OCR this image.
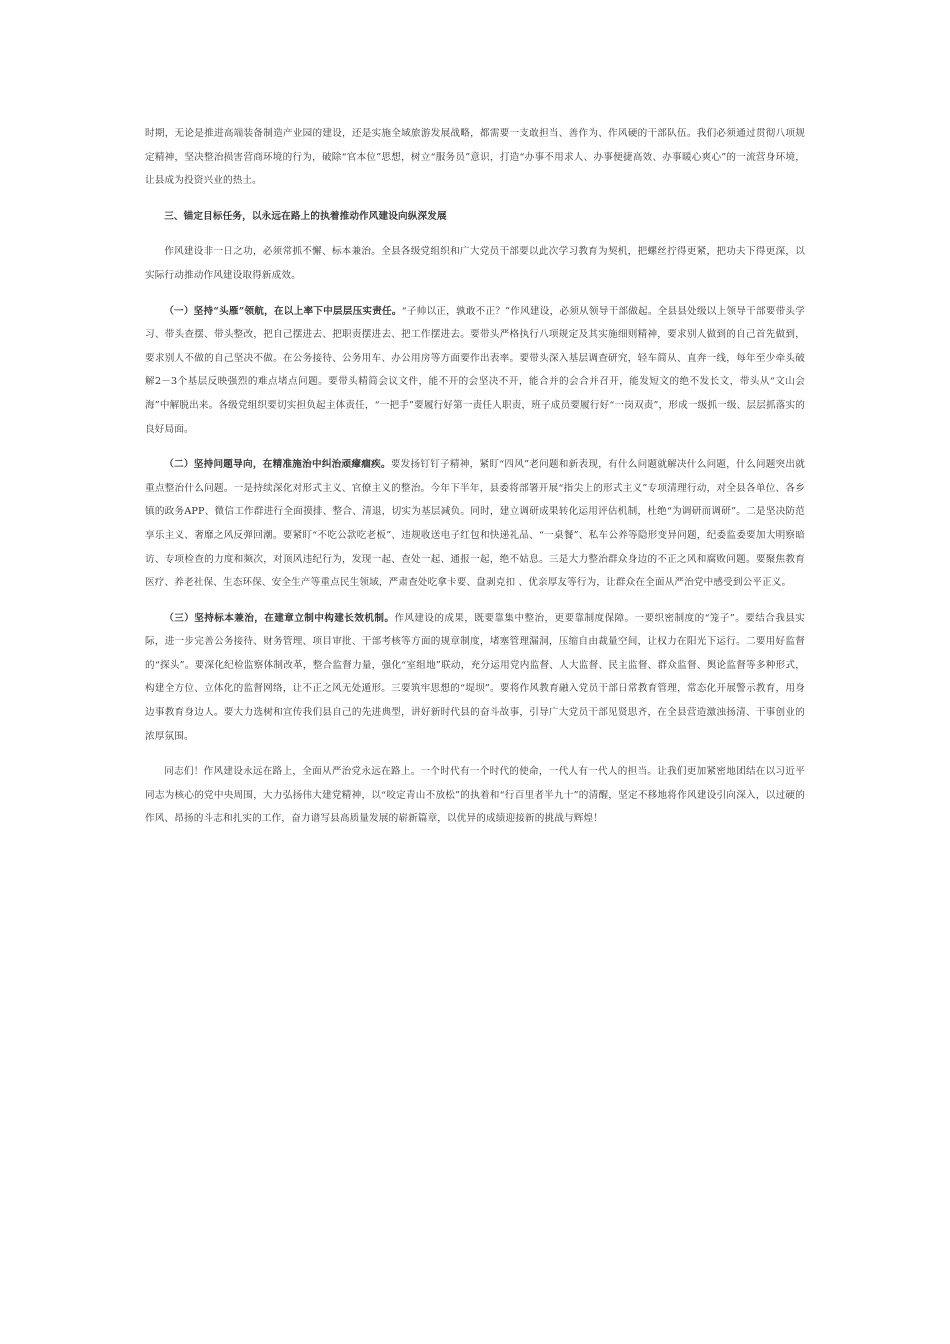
时期，无论是推进高端装备制造产业园的建设，还是实施全域旅游发展战略，都需要一支敢担当、善作为、作风硬的干部队伍。我们必须通过贯彻八项规定精神，坚决整治损害营商环境的行为，破除“官本位”思想，树立“服务员”意识，打造“办事不用求人、办事便捷高效、办事暖心爽心”的一流营身环境，让县成为投资兴业的热土。

三、锚定目标任务，以永远在路上的执着推动作风建设向纵深发展

作风建设非一日之功，必须常抓不懈、标本兼治。全县各级党组织和广大党员干部要以此次学习教育为契机，把螺丝拧得更紧，把功夫下得更深，以实际行动推动作风建设取得新成效。

（一）坚持“头雁”领航，在以上率下中层层压实责任。“子帅以正，孰敢不正？”作风建设，必须从领导干部做起。全县县处级以上领导干部要带头学习、带头查摆、带头整改，把自己摆进去、把职责摆进去、把工作摆进去。要带头严格执行八项规定及其实施细则精神，要求别人做到的自己首先做到，要求别人不做的自己坚决不做。在公务接待、公务用车、办公用房等方面要作出表率。要带头深入基层调查研究，轻车简从、直奔一线，每年至少牵头破解2－3个基层反映强烈的难点堵点问题。要带头精简会议文件，能不开的会坚决不开，能合并的会合并召开，能发短文的绝不发长文，带头从“文山会海”中解脱出来。各级党组织要切实担负起主体责任，“一把手”要履行好第一责任人职责，班子成员要履行好“一岗双责”，形成一级抓一级、层层抓落实的良好局面。

（二）坚持问题导向，在精准施治中纠治顽瘴痼疾。要发扬钉钉子精神，紧盯“四风”老问题和新表现，有什么问题就解决什么问题，什么问题突出就重点整治什么问题。一是持续深化对形式主义、官僚主义的整治。今年下半年，县委将部署开展“指尖上的形式主义”专项清理行动，对全县各单位、各乡镇的政务APP、微信工作群进行全面摸排、整合、清退，切实为基层减负。同时，建立调研成果转化运用评估机制，杜绝“为调研而调研”。二是坚决防范享乐主义、奢靡之风反弹回潮。要紧盯“不吃公款吃老板”、违规收送电子红包和快递礼品、“一桌餐”、私车公养等隐形变异问题，纪委监委要加大明察暗访、专项检查的力度和频次，对顶风违纪行为，发现一起、查处一起、通报一起，绝不姑息。三是大力整治群众身边的不正之风和腐败问题。要聚焦教育医疗、养老社保、生态环保、安全生产等重点民生领域，严肃查处吃拿卡要、盘剥克扣 、优亲厚友等行为，让群众在全面从严治党中感受到公平正义。

（三）坚持标本兼治，在建章立制中构建长效机制。作风建设的成果，既要靠集中整治，更要靠制度保障。一要织密制度的“笼子”。要结合我县实际，进一步完善公务接待、财务管理、项目审批、干部考核等方面的规章制度，堵塞管理漏洞，压缩自由裁量空间，让权力在阳光下运行。二要用好监督的“探头”。要深化纪检监察体制改革，整合监督力量，强化“室组地”联动，充分运用党内监督、人大监督、民主监督、群众监督、舆论监督等多种形式，构建全方位、立体化的监督网络，让不正之风无处遁形。三要筑牢思想的“堤坝”。要将作风教育融入党员干部日常教育管理，常态化开展警示教育，用身边事教育身边人。要大力选树和宣传我们县自己的先进典型，讲好新时代县的奋斗故事，引导广大党员干部见贤思齐，在全县营造激浊扬清、干事创业的浓厚氛围。

同志们！作风建设永远在路上，全面从严治党永远在路上。一个时代有一个时代的使命，一代人有一代人的担当。让我们更加紧密地团结在以习近平同志为核心的党中央周围，大力弘扬伟大建党精神，以“咬定青山不放松”的执着和“行百里者半九十”的清醒，坚定不移地将作风建设引向深入，以过硬的作风、昂扬的斗志和扎实的工作，奋力谱写县高质量发展的崭新篇章，以优异的成绩迎接新的挑战与辉煌！
